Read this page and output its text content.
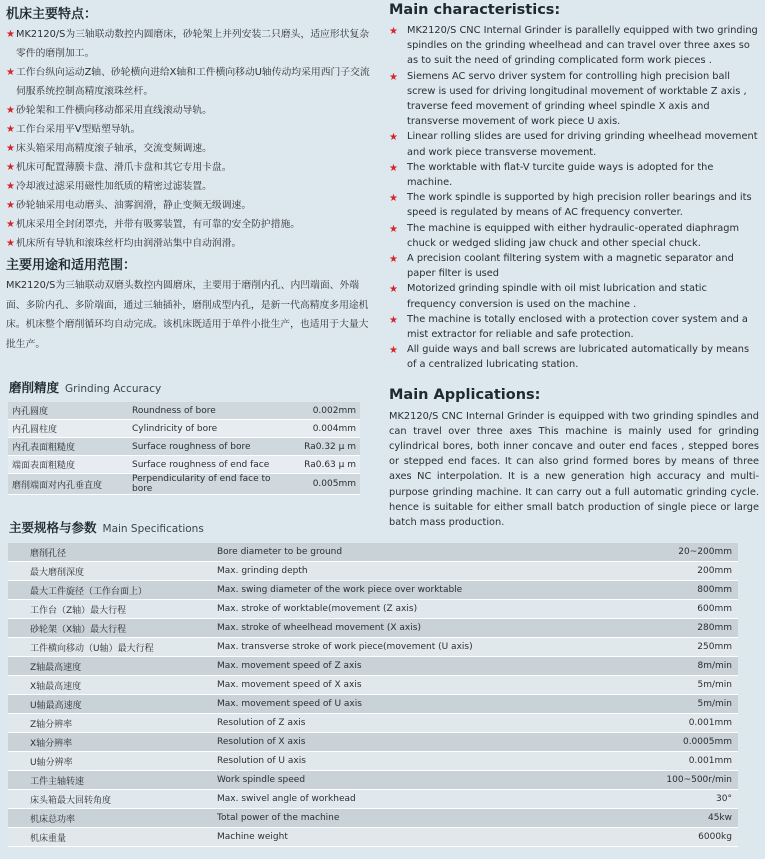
机床主要特点：
★ MK2120/S为三轴联动数控内圆磨床，砂轮架上并列安装二只磨头，适应形状复杂零件的磨削加工。
★ 工作台纵向运动Z轴、砂轮横向进给X轴和工件横向移动U轴传动均采用西门子交流伺服系统控制高精度滚珠丝杆。
★ 砂轮架和工件横向移动都采用直线滚动导轨。
★ 工作台采用平V型贴塑导轨。
★ 床头箱采用高精度滚子轴承，交流变频调速。
★ 机床可配置薄膜卡盘、滑爪卡盘和其它专用卡盘。
★ 冷却液过滤采用磁性加纸质的精密过滤装置。
★ 砂轮轴采用电动磨头、油雾润滑，静止变频无级调速。
★ 机床采用全封闭罩壳，并带有吸雾装置，有可靠的安全防护措施。
★ 机床所有导轨和滚珠丝杆均由润滑站集中自动润滑。
主要用途和适用范围：

MK2120/S为三轴联动双磨头数控内圆磨床，主要用于磨削内孔、内凹端面、外端面、多阶内孔、多阶端面，通过三轴插补，磨削成型内孔，是新一代高精度多用途机床。机床整个磨削循环均自动完成。该机床既适用于单件小批生产，也适用于大量大批生产。

Main characteristics:
★ MK2120/S CNC Internal Grinder is parallelly equipped with two grinding spindles on the grinding wheelhead and can travel over three axes so as to suit the need of grinding complicated form work pieces .
★ Siemens AC servo driver system for controlling high precision ball screw is used for driving longitudinal movement of worktable Z axis , traverse feed movement of grinding wheel spindle X axis and transverse movement of work piece U axis.
★ Linear rolling slides are used for driving grinding wheelhead movement and work piece transverse movement.
★ The worktable with flat-V turcite guide ways is adopted for the machine.
★ The work spindle is supported by high precision roller bearings and its speed is regulated by means of AC frequency converter.
★ The machine is equipped with either hydraulic-operated diaphragm chuck or wedged sliding jaw chuck and other special chuck.
★ A precision coolant filtering system with a magnetic separator and paper filter is used
★ Motorized grinding spindle with oil mist lubrication and static frequency conversion is used on the machine .
★ The machine is totally enclosed with a protection cover system and a mist extractor for reliable and safe protection.
★ All guide ways and ball screws are lubricated automatically by means of a centralized lubricating station.
Main Applications:

MK2120/S CNC Internal Grinder is equipped with two grinding spindles and can travel over three axes This machine is mainly used for grinding cylindrical bores, both inner concave and outer end faces , stepped bores or stepped end faces. It can also grind formed bores by means of three axes NC interpolation. It is a new generation high accuracy and multi-purpose grinding machine. It can carry out a full automatic grinding cycle. hence is suitable for either small batch production of single piece or large batch mass production.

磨削精度 Grinding Accuracy
内孔圆度	Roundness of bore	0.002mm
内孔圆柱度	Cylindricity of bore	0.004mm
内孔表面粗糙度	Surface roughness of bore	Ra0.32 μ m
端面表面粗糙度	Surface roughness of end face	Ra0.63 μ m
磨削端面对内孔垂直度	Perpendicularity of end face to bore	0.005mm
主要规格与参数 Main Specifications
磨削孔径	Bore diameter to be ground	20~200mm
最大磨削深度	Max. grinding depth	200mm
最大工件旋径（工作台面上）	Max. swing diameter of the work piece over worktable	800mm
工作台（Z轴）最大行程	Max. stroke of worktable(movement (Z axis)	600mm
砂轮架（X轴）最大行程	Max. stroke of wheelhead movement (X axis)	280mm
工件横向移动（U轴）最大行程	Max. transverse stroke of work piece(movement (U axis)	250mm
Z轴最高速度	Max. movement speed of Z axis	8m/min
X轴最高速度	Max. movement speed of X axis	5m/min
U轴最高速度	Max. movement speed of U axis	5m/min
Z轴分辨率	Resolution of Z axis	0.001mm
X轴分辨率	Resolution of X axis	0.0005mm
U轴分辨率	Resolution of U axis	0.001mm
工件主轴转速	Work spindle speed	100~500r/min
床头箱最大回转角度	Max. swivel angle of workhead	30°
机床总功率	Total power of the machine	45kw
机床重量	Machine weight	6000kg
